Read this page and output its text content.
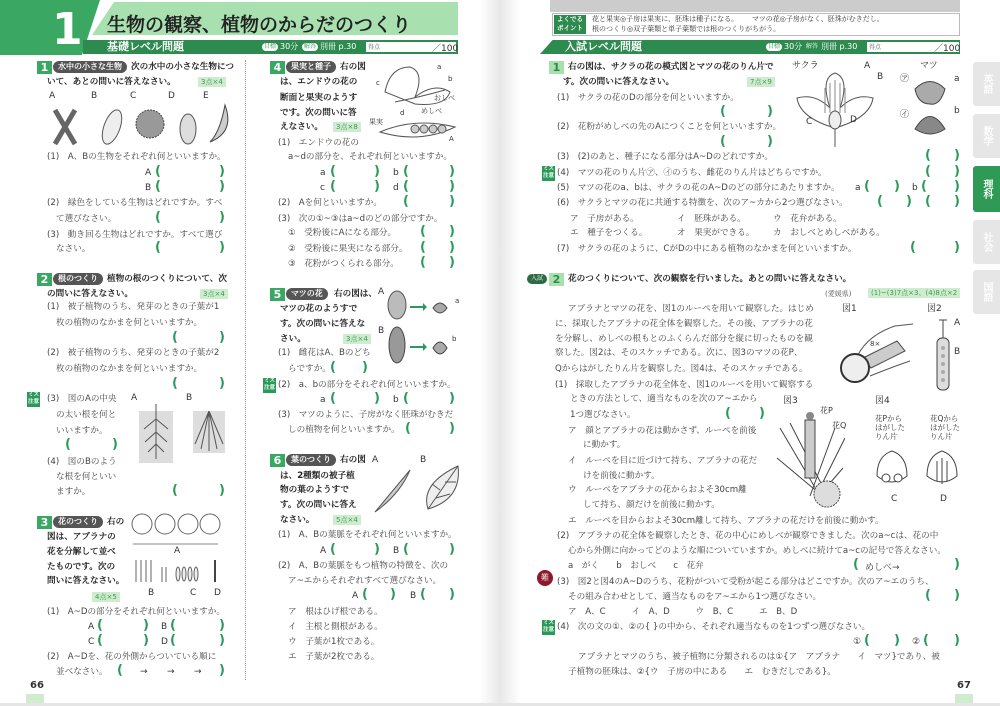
1 生物の観察、植物のからだのつくり
基礎レベル問題	目標 30分 解答 別冊 p.30 得点	／100
1	水中の小さな生物	次の水中の小さな生物につ
いて、あとの問いに答えなさい。	3点×4
A	B	C	D	E
(1)　A、Bの生物をそれぞれ何といいますか。
A
( )
B
( )
(2)　緑色をしている生物はどれですか。すべ
て選びなさい。
( )
(3)　動き回る生物はどれですか。すべて選び
なさい。
( )
2	根のつくり	植物の根のつくりについて、次
の問いに答えなさい。	3点×4
(1)　被子植物のうち、発芽のときの子葉が1
枚の植物のなかまを何といいますか。
( )
(2)　被子植物のうち、発芽のときの子葉が2
枚の植物のなかまを何といいますか。
( )
ミス注意 (3)　図のAの中央
の太い根を何と
いいますか。
( )
(4)　図のBのよう
な根を何といい
ますか。
( )
A	B
3	花のつくり	右の
図は、アブラナの
花を分解して並べ
たものです。次の
問いに答えなさい。
4点×5
A
B	C D
(1)　A~Dの部分をそれぞれ何といいますか。
A ( )	B
( )
C ( )	D
( )
(2)　A~Dを、花の外側からついている順に
並べなさい。 ( )	→ → →
66
4	果実と種子	右の図
は、エンドウの花の
断面と果実のようす
です。次の問いに答
えなさい。	3点×8
a
b
c
d
おしべ
めしべ
果実
A
(1)　エンドウの花の
a~dの部分を、それぞれ何といいますか。
a ( )	b
( )
c ( )	d
( )
(2)　Aを何といいますか。
( )
(3)　次の①~③はa~dのどの部分ですか。
①　受粉後にAになる部分。
( )
②　受粉後に果実になる部分。
( )
③　花粉がつくられる部分。
( )
5	マツの花	右の図は、
マツの花のようすで
す。次の問いに答えな
さい。	3点×4
A
B
a
b
(1)　雌花はA、Bのどち
らですか。
( )
ミス注意 (2)　a、bの部分をそれぞれ何といいますか。
a ( )	b
( )
(3)　マツのように、子房がなく胚珠がむきだ
しの植物を何といいますか。
( )
6	葉のつくり	右の図
は、2種類の被子植
物の葉のようすで
す。次の問いに答え
なさい。	5点×4
A	B
(1)　A、Bの葉脈をそれぞれ何といいますか。
A ( )	B
( )
(2)　A、Bの葉脈をもつ植物の特徴を、次の
ア~エからそれぞれすべて選びなさい。
A ( )	B
( )
ア　根はひげ根である。
イ　主根と側根がある。
ウ　子葉が1枚である。
エ　子葉が2枚である。
よくでる
ポイント
花と果実◎子房は果実に、胚珠は種子になる。 マツの花◎子房がなく、胚珠がむきだし。
根のつくり◎双子葉類と単子葉類では根のつくりがちがう。
入試レベル問題	目標 30分 解答 別冊 p.30 得点	／100
英語
数学
理科
社会
国語
1 右の図は、サクラの花の模式図とマツの花のりん片で
す。次の問いに答えなさい。	7点×9
サクラ	マツ
A
B
C	D
㋐
㋑
a
b
(1)　サクラの花のDの部分を何といいますか。
( )
(2)　花粉がめしべの先のAにつくことを何といいますか。
( )
(3)　(2)のあと、種子になる部分はA~Dのどれですか。
( )
ミス注意 (4)　マツの花のりん片㋐、㋑のうち、雌花のりん片はどちらですか。
( )
(5)　マツの花のa、bは、サクラの花のA~Dのどの部分にあたりますか。 a ( )	b
( )
(6)　サクラとマツの花に共通する特徴を、次のア~カから2つ選びなさい。
( )
( )
ア　子房がある。	イ　胚珠がある。	ウ　花弁がある。
エ　種子をつくる。	オ　果実ができる。 カ　おしべとめしべがある。
(7)　サクラの花のように、CがDの中にある植物のなかまを何といいますか。
( )
入試 2 花のつくりについて、次の観察を行いました。あとの問いに答えなさい。
(愛媛県)	(1)~(3)7点×3、(4)8点×2
アブラナとマツの花を、図1のルーペを用いて観察した。はじめ
に、採取したアブラナの花全体を観察した。その後、アブラナの花
を分解し、めしべの根もとのふくらんだ部分を縦に切ったものを観
察した。図2は、そのスケッチである。次に、図3のマツの花P、
Qからはがしたりん片を観察した。図4は、そのスケッチである。
図1	図2
8×
A
B
(1)　採取したアブラナの花全体を、図1のルーペを用いて観察する
ときの方法として、適当なものを次のア~エから
1つ選びなさい。
( )
ア　顔とアブラナの花は動かさず、ルーペを前後
に動かす。
イ　ルーペを目に近づけて持ち、アブラナの花だ
けを前後に動かす。
ウ　ルーペをアブラナの花からおよそ30cm離
して持ち、顔だけを前後に動かす。
エ　ルーペを目からおよそ30cm離して持ち、アブラナの花だけを前後に動かす。
図3	図4
花P
花Q
花Pから
はがした
りん片
花Qから
はがした
りん片
C	D
(2)　アブラナの花全体を観察したとき、花の中心にめしべが観察できました。次のa~cは、花の中
心から外側に向かってどのような順についていますか。めしべに続けてa~cの記号で答えなさい。
a　がく　　b　おしべ　　c　花弁	( めしべ→
)
難 (3)　図2と図4のA~Dのうち、花粉がついて受粉が起こる部分はどこですか。次のア~エのうち、
その組み合わせとして、適当なものをア~エから1つ選びなさい。
( )
ア　A、C　　　イ　A、D　　　ウ　B、C　　　エ　B、D
ミス注意 (4)　次の文の①、②の{ }の中から、それぞれ適当なものを1つずつ選びなさい。
① ( )	②
( )
アブラナとマツのうち、被子植物に分類されるのは①{ア　アブラナ　　イ　マツ}であり、被
子植物の胚珠は、②{ウ　子房の中にある　　エ　むきだしである}。
67
